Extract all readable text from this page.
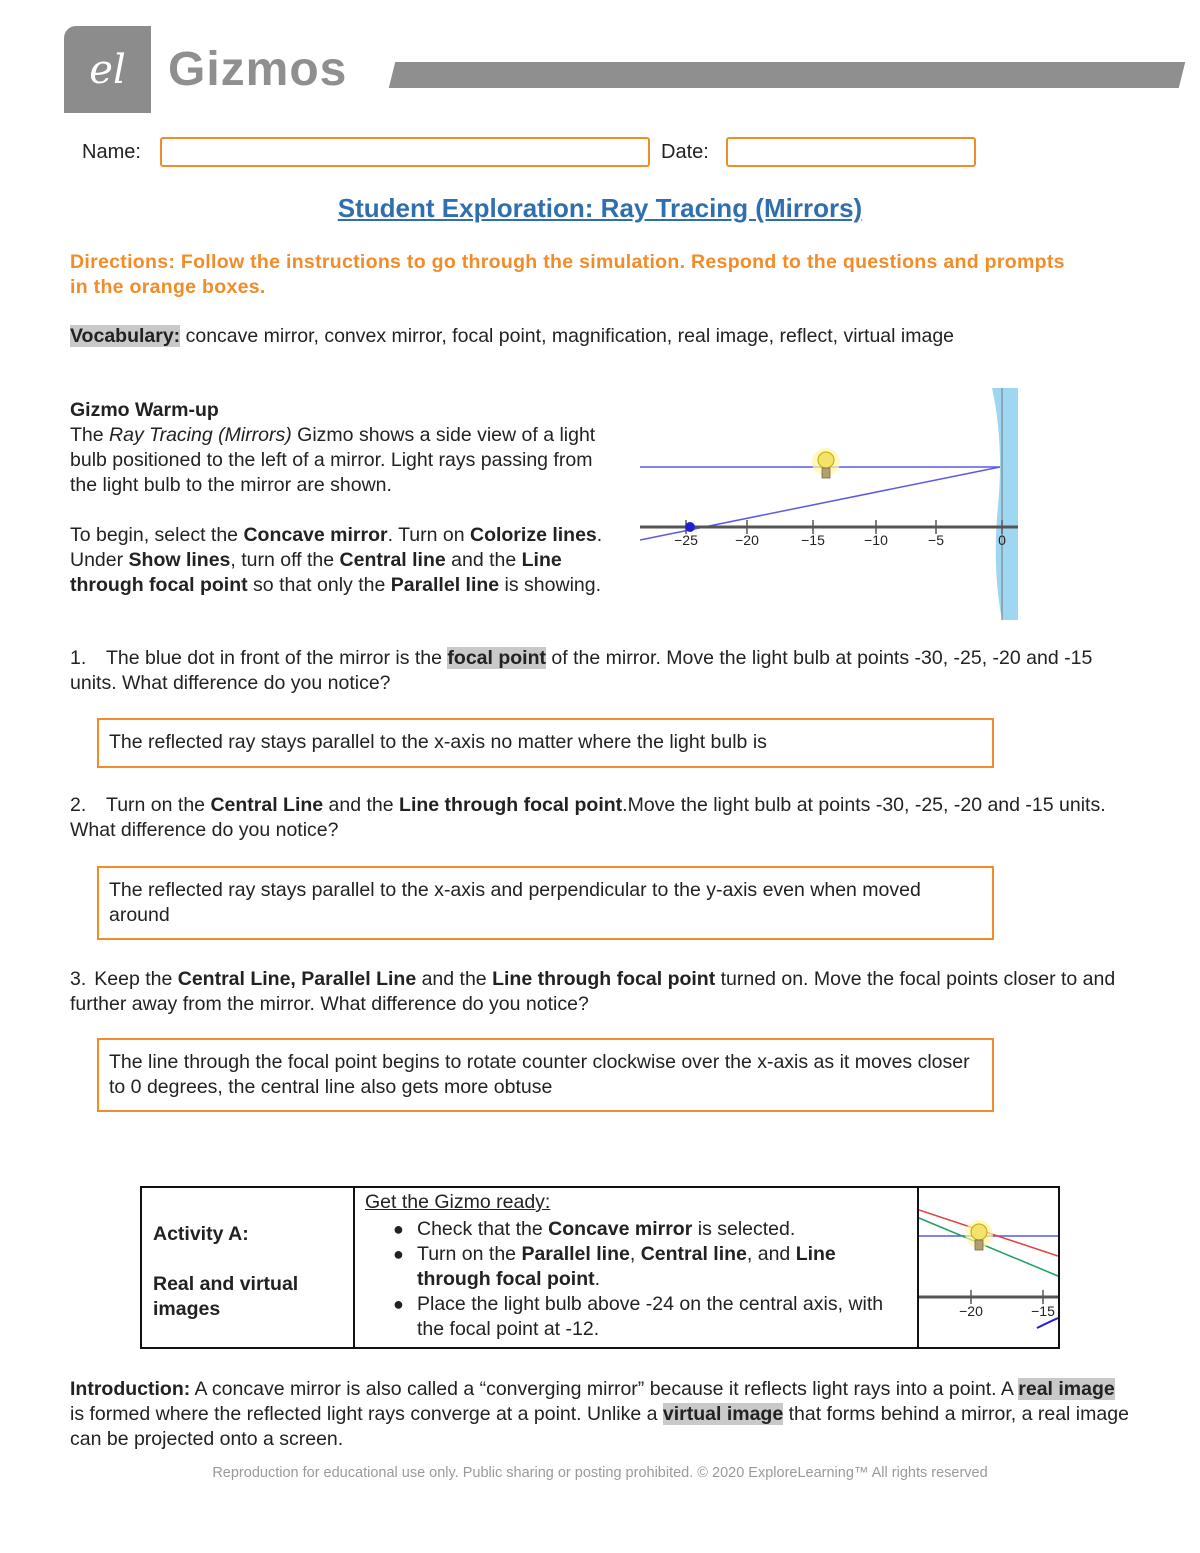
el Gizmos
Name:	Date:
Student Exploration: Ray Tracing (Mirrors)
Directions: Follow the instructions to go through the simulation. Respond to the questions and prompts in the orange boxes.
Vocabulary: concave mirror, convex mirror, focal point, magnification, real image, reflect, virtual image
Gizmo Warm-up
The Ray Tracing (Mirrors) Gizmo shows a side view of a light bulb positioned to the left of a mirror. Light rays passing from the light bulb to the mirror are shown.
To begin, select the Concave mirror. Turn on Colorize lines. Under Show lines, turn off the Central line and the Line through focal point so that only the Parallel line is showing.
−25	−20	−15	−10	−5	0
1. The blue dot in front of the mirror is the focal point of the mirror. Move the light bulb at points -30, -25, -20 and -15 units. What difference do you notice?
The reflected ray stays parallel to the x-axis no matter where the light bulb is
2. Turn on the Central Line and the Line through focal point.Move the light bulb at points -30, -25, -20 and -15 units. What difference do you notice?
The reflected ray stays parallel to the x-axis and perpendicular to the y-axis even when moved around
3. Keep the Central Line, Parallel Line and the Line through focal point turned on. Move the focal points closer to and further away from the mirror. What difference do you notice?
The line through the focal point begins to rotate counter clockwise over the x-axis as it moves closer to 0 degrees, the central line also gets more obtuse
Activity A:
Real and virtual images
Get the Gizmo ready:
● Check that the Concave mirror is selected.
● Turn on the Parallel line, Central line, and Line through focal point.
● Place the light bulb above -24 on the central axis, with the focal point at -12.
−20	−15
Introduction: A concave mirror is also called a “converging mirror” because it reflects light rays into a point. A real image is formed where the reflected light rays converge at a point. Unlike a virtual image that forms behind a mirror, a real image can be projected onto a screen.
Reproduction for educational use only. Public sharing or posting prohibited. © 2020 ExploreLearning™ All rights reserved
